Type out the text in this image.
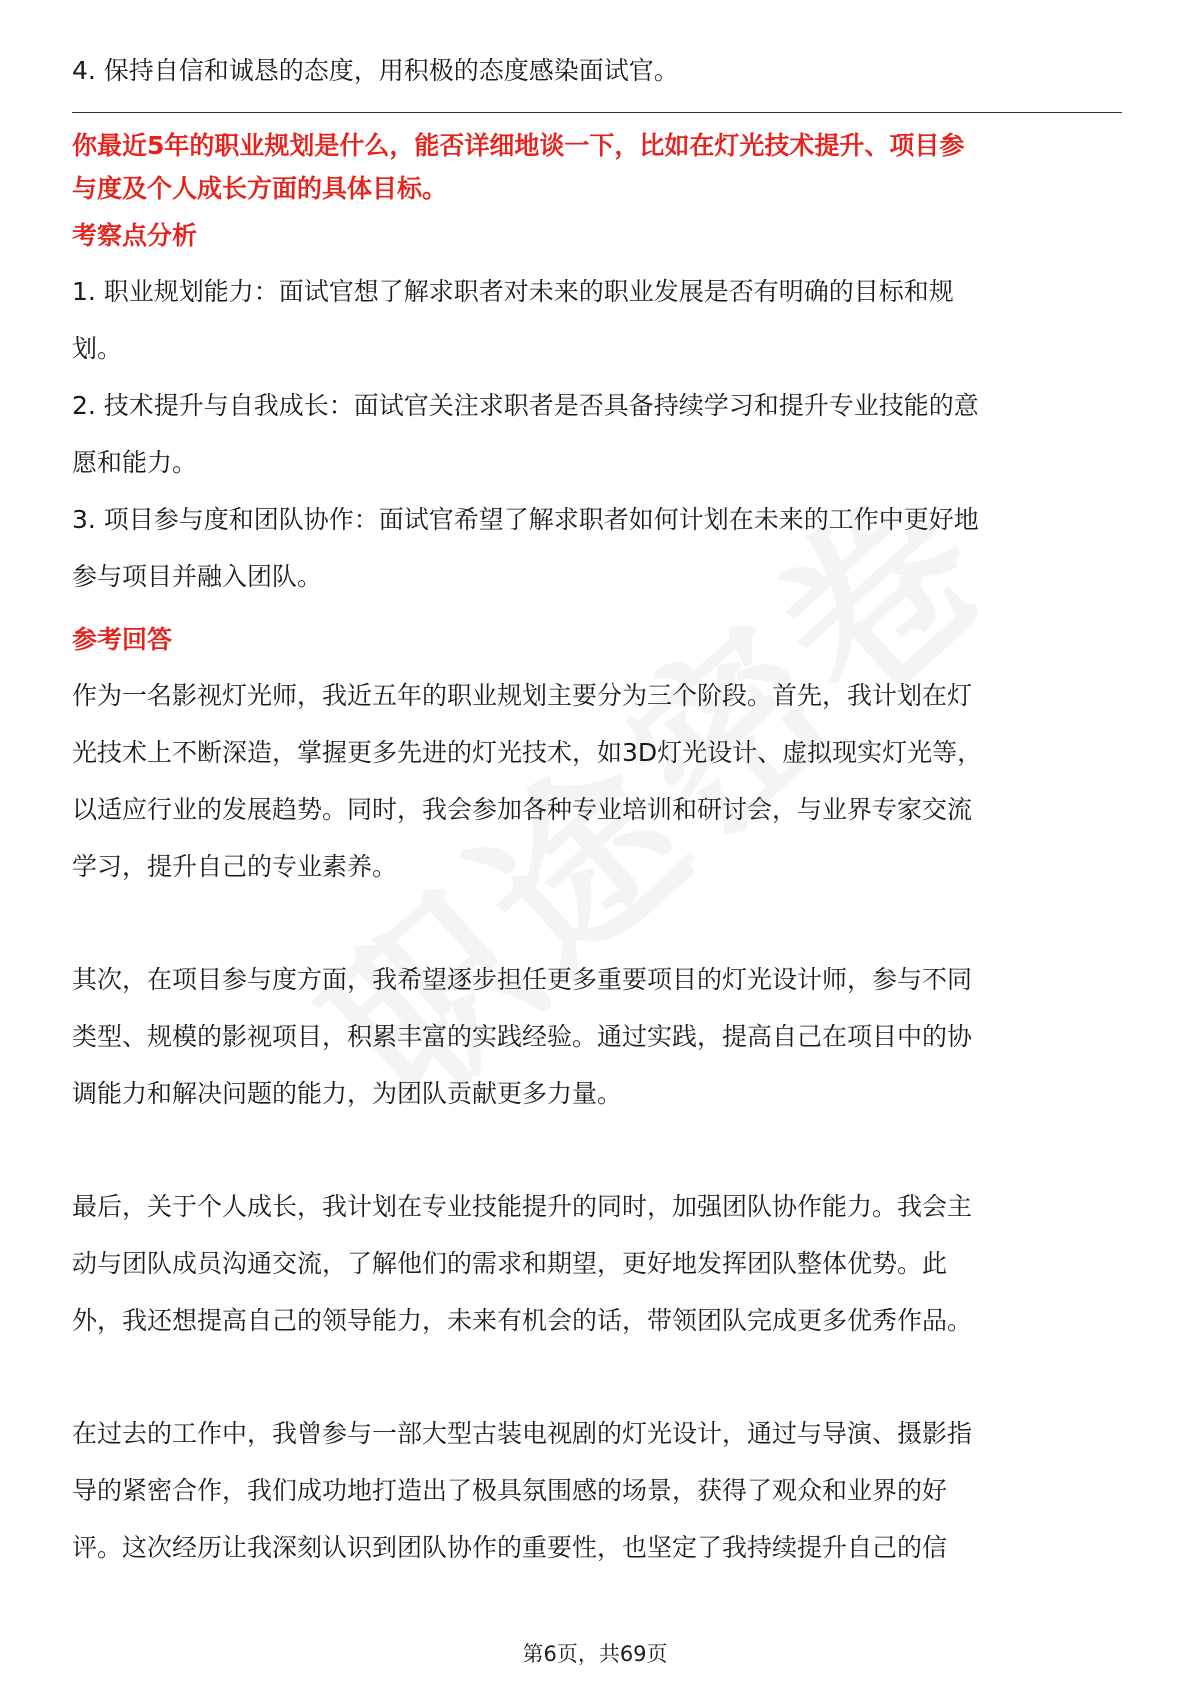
4. 保持自信和诚恳的态度，用积极的态度感染面试官。

你最近5年的职业规划是什么，能否详细地谈一下，比如在灯光技术提升、项目参

与度及个人成长方面的具体目标。

考察点分析

1. 职业规划能力：面试官想了解求职者对未来的职业发展是否有明确的目标和规

划。

2. 技术提升与自我成长：面试官关注求职者是否具备持续学习和提升专业技能的意

愿和能力。

3. 项目参与度和团队协作：面试官希望了解求职者如何计划在未来的工作中更好地

参与项目并融入团队。

参考回答

作为一名影视灯光师，我近五年的职业规划主要分为三个阶段。首先，我计划在灯

光技术上不断深造，掌握更多先进的灯光技术，如3D灯光设计、虚拟现实灯光等，

以适应行业的发展趋势。同时，我会参加各种专业培训和研讨会，与业界专家交流

学习，提升自己的专业素养。

其次，在项目参与度方面，我希望逐步担任更多重要项目的灯光设计师，参与不同

类型、规模的影视项目，积累丰富的实践经验。通过实践，提高自己在项目中的协

调能力和解决问题的能力，为团队贡献更多力量。

最后，关于个人成长，我计划在专业技能提升的同时，加强团队协作能力。我会主

动与团队成员沟通交流，了解他们的需求和期望，更好地发挥团队整体优势。此

外，我还想提高自己的领导能力，未来有机会的话，带领团队完成更多优秀作品。

在过去的工作中，我曾参与一部大型古装电视剧的灯光设计，通过与导演、摄影指

导的紧密合作，我们成功地打造出了极具氛围感的场景，获得了观众和业界的好

评。这次经历让我深刻认识到团队协作的重要性，也坚定了我持续提升自己的信

第6页，共69页
